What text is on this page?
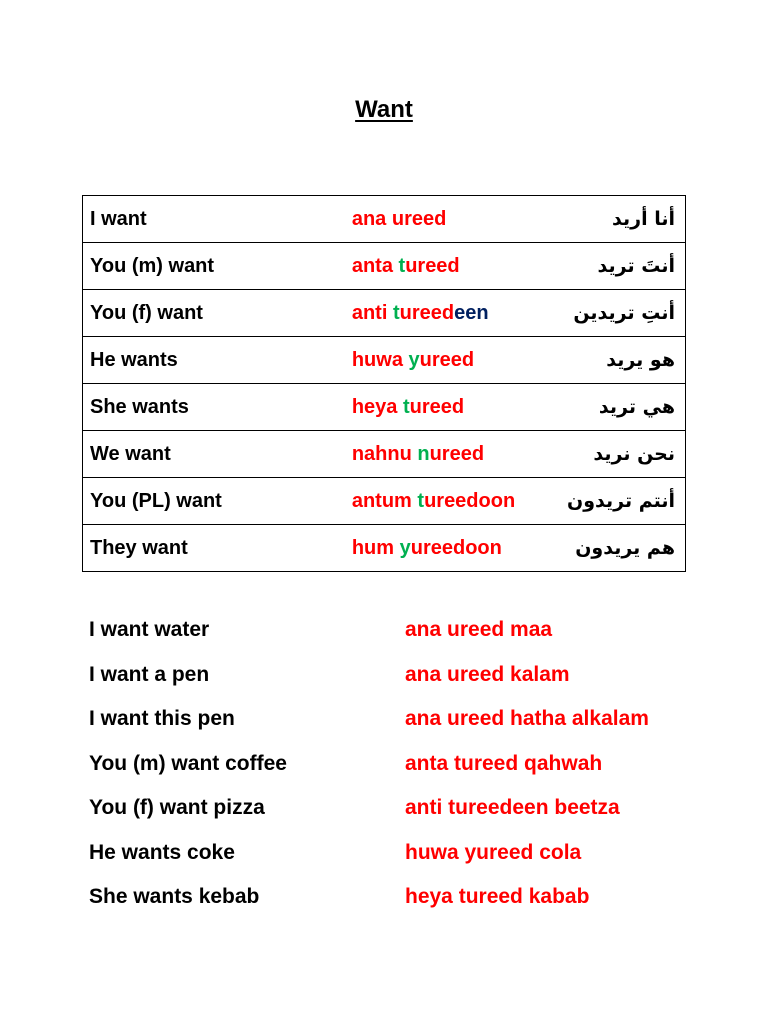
Want
I want	ana ureed	أنا أريد
You (m) want	anta tureed	أنتَ تريد
You (f) want	anti tureedeen	أنتِ تريدين
He wants	huwa yureed	هو يريد
She wants	heya tureed	هي تريد
We want	nahnu nureed	نحن نريد
You (PL) want	antum tureedoon	أنتم تريدون
They want	hum yureedoon	هم يريدون
I want water	ana ureed maa
I want a pen	ana ureed kalam
I want this pen	ana ureed hatha alkalam
You (m) want coffee	anta tureed qahwah
You (f) want pizza	anti tureedeen beetza
He wants coke	huwa yureed cola
She wants kebab	heya tureed kabab
